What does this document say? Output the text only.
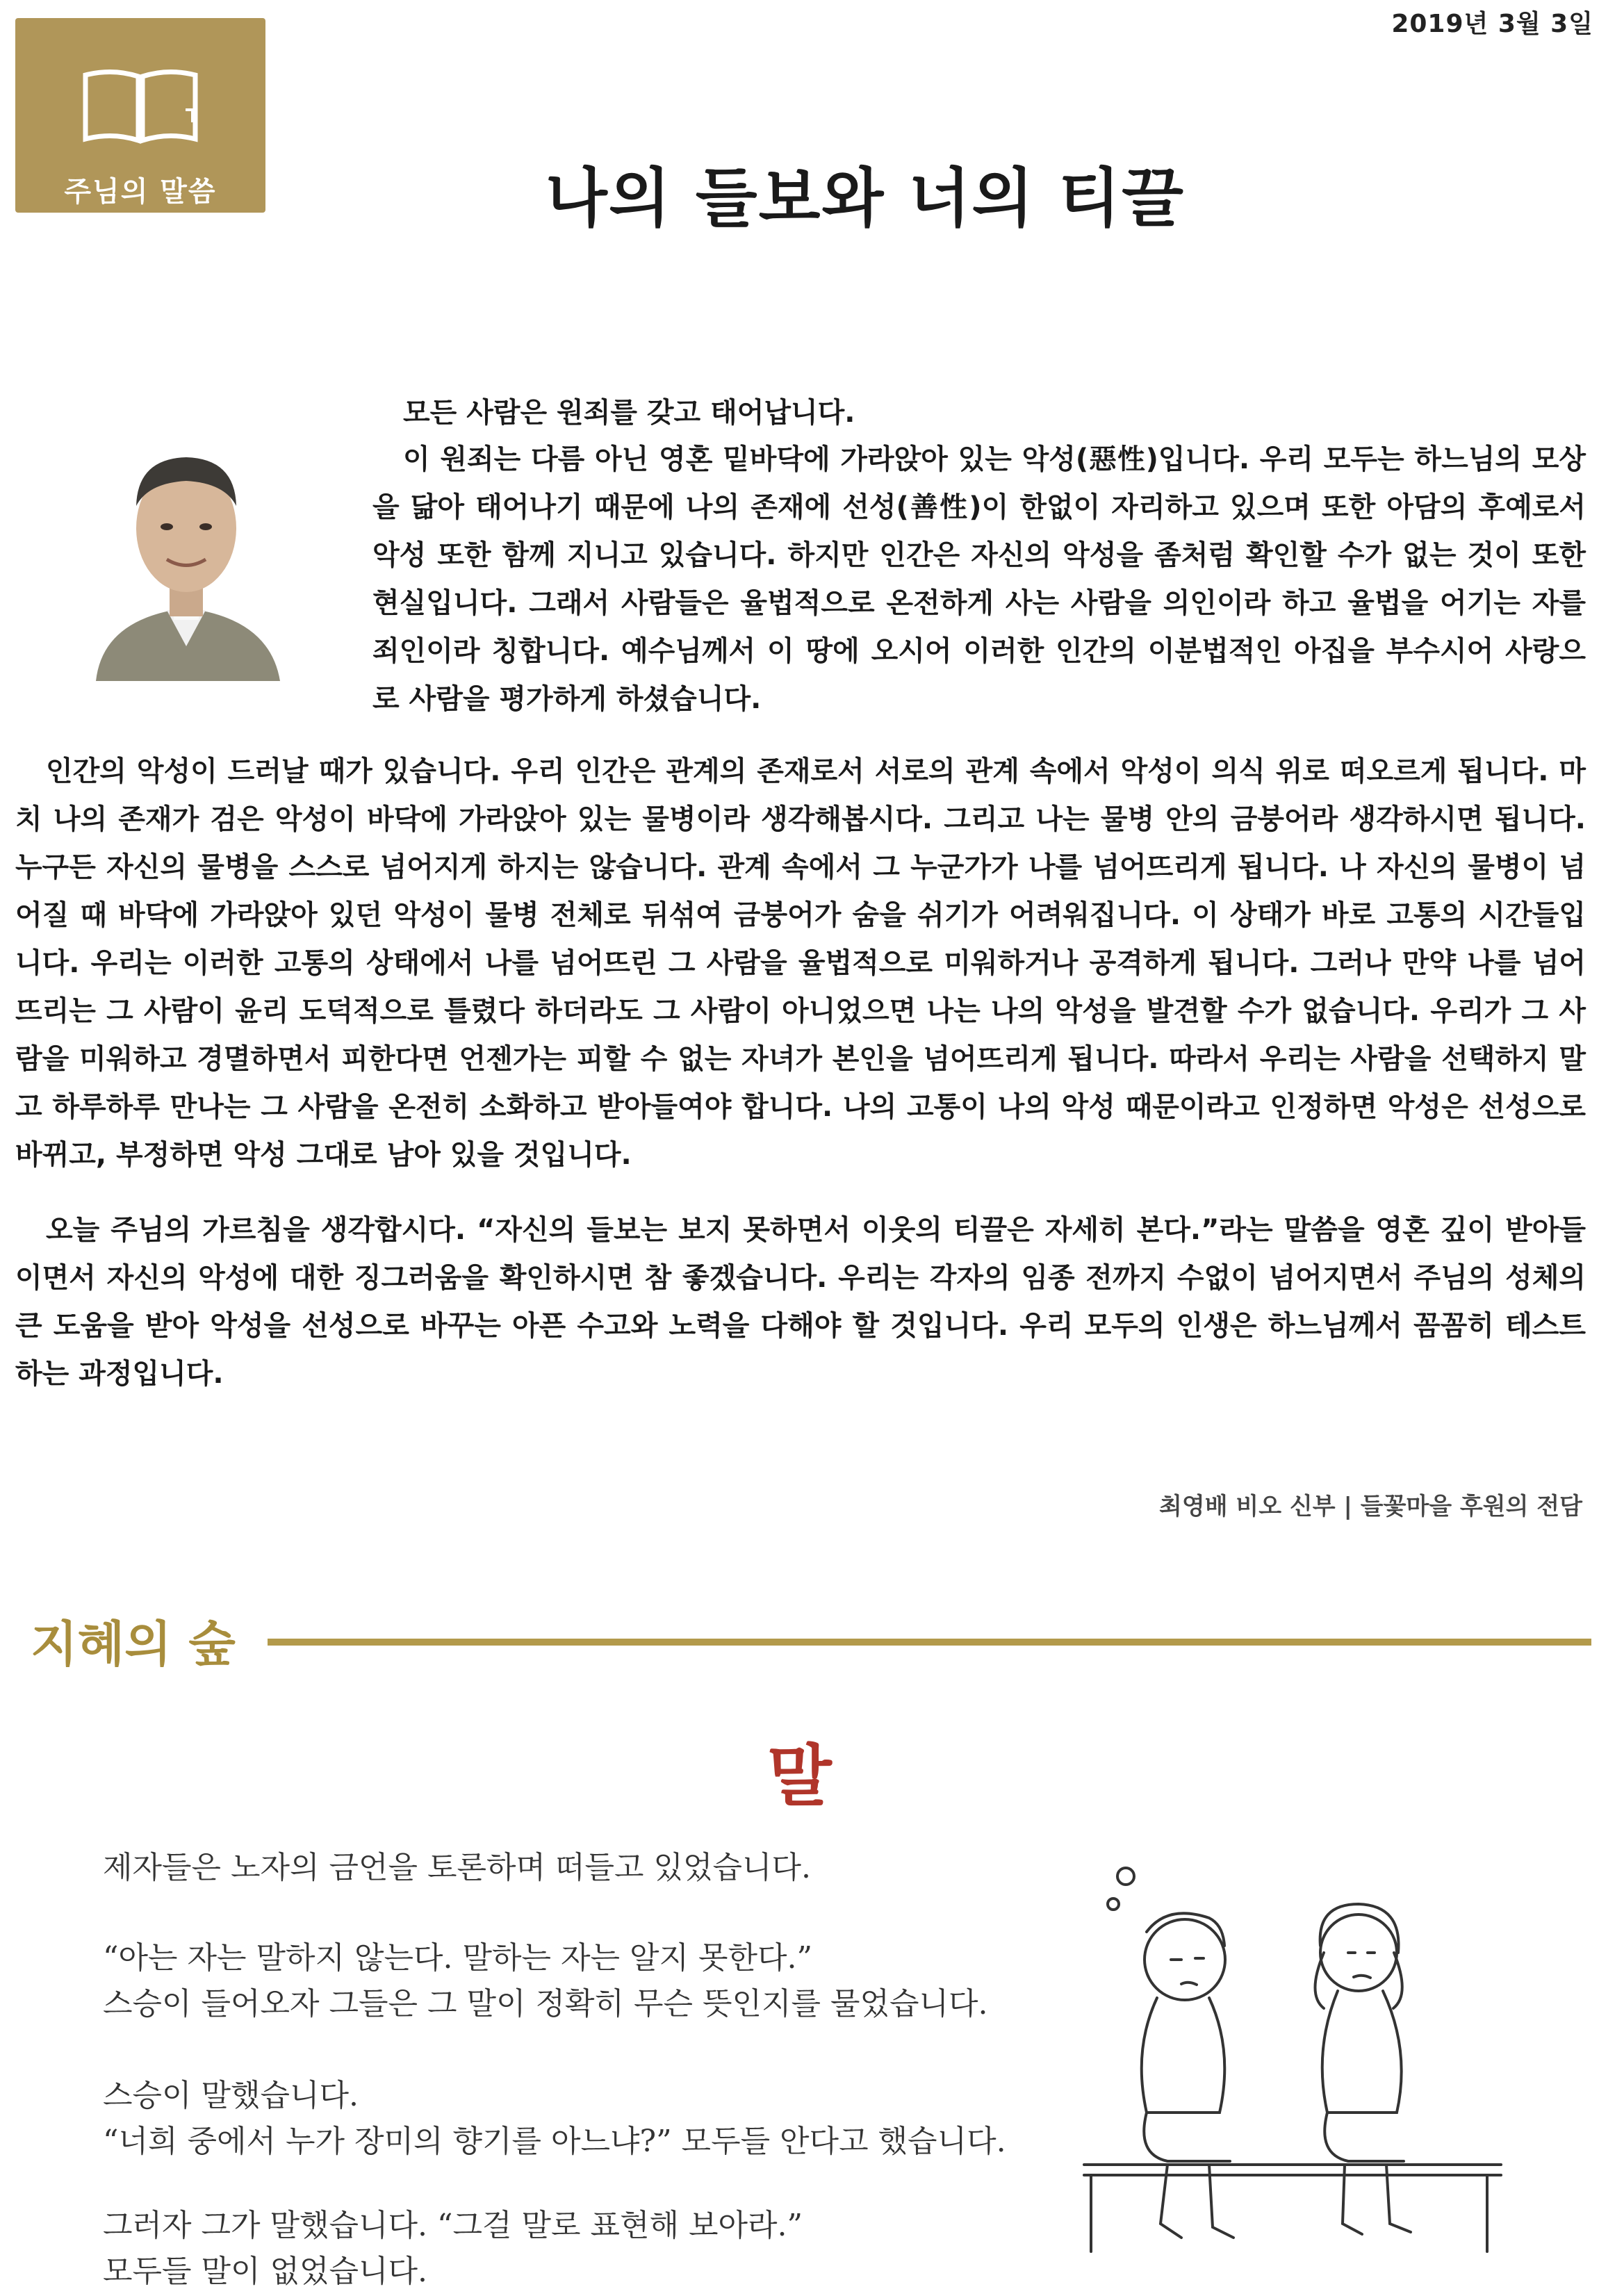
주님의 말씀
2019년 3월 3일
나의 들보와 너의 티끌

모든 사람은 원죄를 갖고 태어납니다.

이 원죄는 다름 아닌 영혼 밑바닥에 가라앉아 있는 악성(惡性)입니다. 우리 모두는 하느님의 모상을 닮아 태어나기 때문에 나의 존재에 선성(善性)이 한없이 자리하고 있으며 또한 아담의 후예로서 악성 또한 함께 지니고 있습니다. 하지만 인간은 자신의 악성을 좀처럼 확인할 수가 없는 것이 또한 현실입니다. 그래서 사람들은 율법적으로 온전하게 사는 사람을 의인이라 하고 율법을 어기는 자를 죄인이라 칭합니다. 예수님께서 이 땅에 오시어 이러한 인간의 이분법적인 아집을 부수시어 사랑으로 사람을 평가하게 하셨습니다.

인간의 악성이 드러날 때가 있습니다. 우리 인간은 관계의 존재로서 서로의 관계 속에서 악성이 의식 위로 떠오르게 됩니다. 마치 나의 존재가 검은 악성이 바닥에 가라앉아 있는 물병이라 생각해봅시다. 그리고 나는 물병 안의 금붕어라 생각하시면 됩니다. 누구든 자신의 물병을 스스로 넘어지게 하지는 않습니다. 관계 속에서 그 누군가가 나를 넘어뜨리게 됩니다. 나 자신의 물병이 넘어질 때 바닥에 가라앉아 있던 악성이 물병 전체로 뒤섞여 금붕어가 숨을 쉬기가 어려워집니다. 이 상태가 바로 고통의 시간들입니다. 우리는 이러한 고통의 상태에서 나를 넘어뜨린 그 사람을 율법적으로 미워하거나 공격하게 됩니다. 그러나 만약 나를 넘어뜨리는 그 사람이 윤리 도덕적으로 틀렸다 하더라도 그 사람이 아니었으면 나는 나의 악성을 발견할 수가 없습니다. 우리가 그 사람을 미워하고 경멸하면서 피한다면 언젠가는 피할 수 없는 자녀가 본인을 넘어뜨리게 됩니다. 따라서 우리는 사람을 선택하지 말고 하루하루 만나는 그 사람을 온전히 소화하고 받아들여야 합니다. 나의 고통이 나의 악성 때문이라고 인정하면 악성은 선성으로 바뀌고, 부정하면 악성 그대로 남아 있을 것입니다.

오늘 주님의 가르침을 생각합시다. “자신의 들보는 보지 못하면서 이웃의 티끌은 자세히 본다.”라는 말씀을 영혼 깊이 받아들이면서 자신의 악성에 대한 징그러움을 확인하시면 참 좋겠습니다. 우리는 각자의 임종 전까지 수없이 넘어지면서 주님의 성체의 큰 도움을 받아 악성을 선성으로 바꾸는 아픈 수고와 노력을 다해야 할 것입니다. 우리 모두의 인생은 하느님께서 꼼꼼히 테스트하는 과정입니다.

최영배 비오 신부 | 들꽃마을 후원의 전담
지혜의 숲
말

제자들은 노자의 금언을 토론하며 떠들고 있었습니다.

“아는 자는 말하지 않는다. 말하는 자는 알지 못한다.”

스승이 들어오자 그들은 그 말이 정확히 무슨 뜻인지를 물었습니다.

스승이 말했습니다.

“너희 중에서 누가 장미의 향기를 아느냐?” 모두들 안다고 했습니다.

그러자 그가 말했습니다. “그걸 말로 표현해 보아라.”

모두들 말이 없었습니다.
